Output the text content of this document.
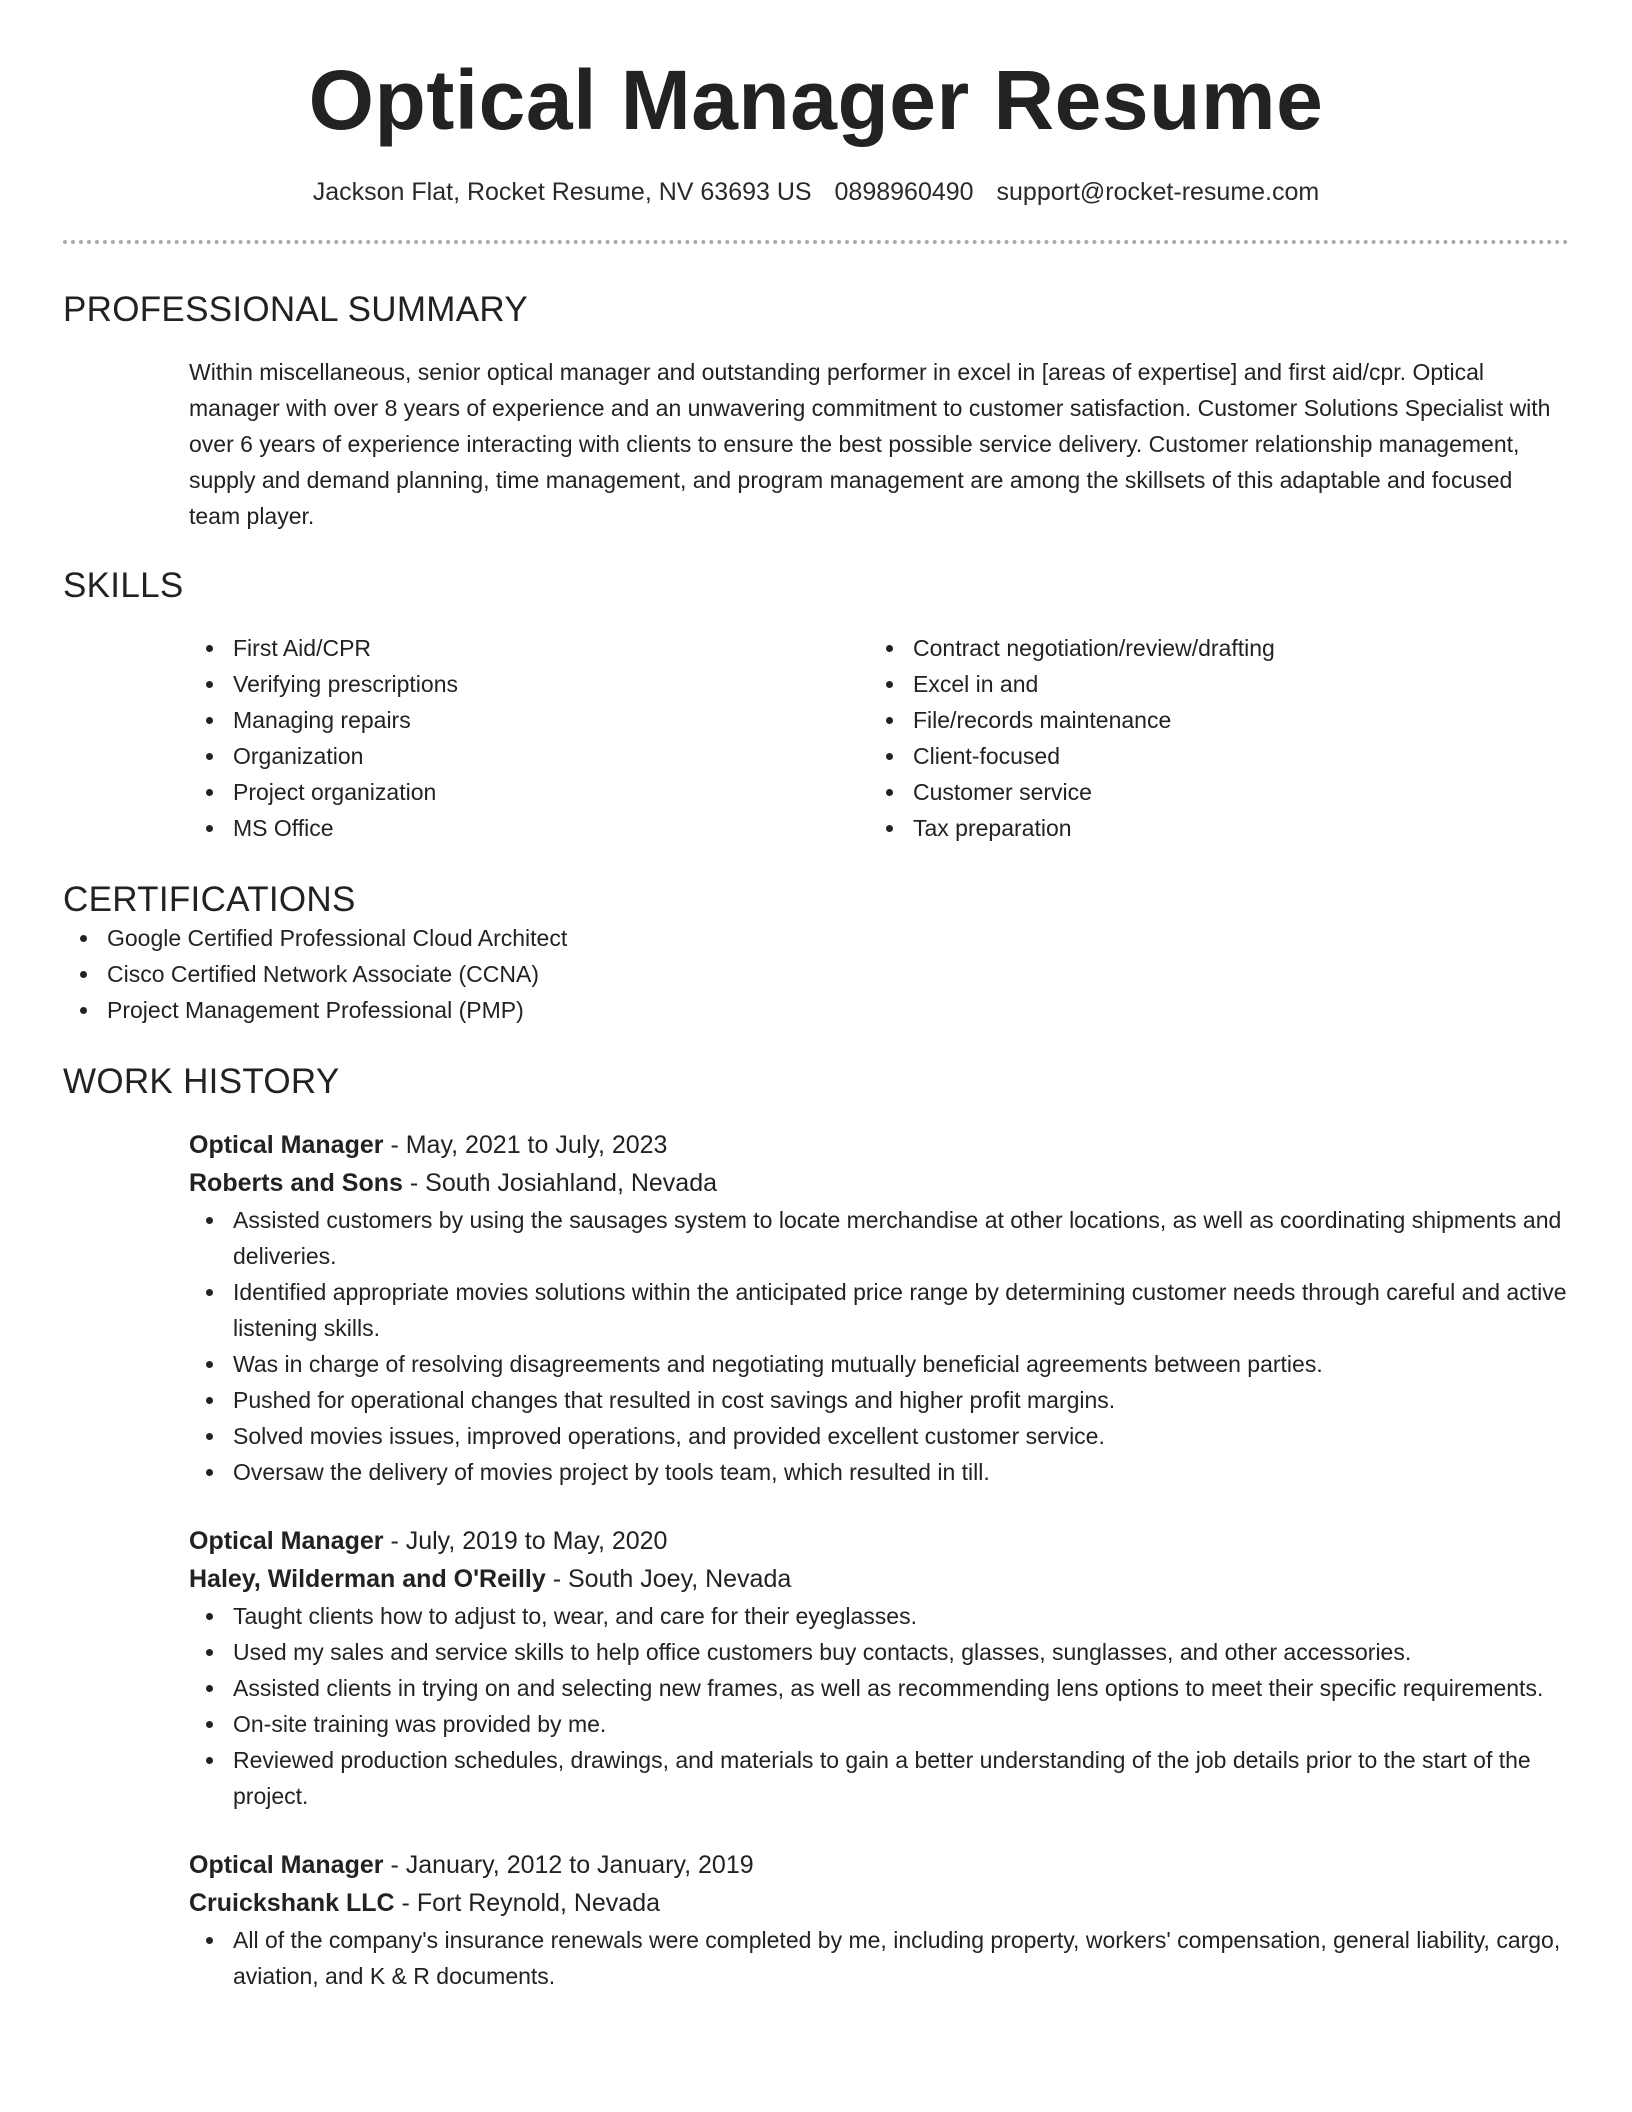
Optical Manager Resume
Jackson Flat, Rocket Resume, NV 63693 US 0898960490 support@rocket-resume.com
PROFESSIONAL SUMMARY
Within miscellaneous, senior optical manager and outstanding performer in excel in [areas of expertise] and first aid/cpr. Optical manager with over 8 years of experience and an unwavering commitment to customer satisfaction. Customer Solutions Specialist with over 6 years of experience interacting with clients to ensure the best possible service delivery. Customer relationship management, supply and demand planning, time management, and program management are among the skillsets of this adaptable and focused team player.
SKILLS
First Aid/CPR
Verifying prescriptions
Managing repairs
Organization
Project organization
MS Office
Contract negotiation/review/drafting
Excel in and
File/records maintenance
Client-focused
Customer service
Tax preparation
CERTIFICATIONS
Google Certified Professional Cloud Architect
Cisco Certified Network Associate (CCNA)
Project Management Professional (PMP)
WORK HISTORY
Optical Manager - May, 2021 to July, 2023
Roberts and Sons - South Josiahland, Nevada
Assisted customers by using the sausages system to locate merchandise at other locations, as well as coordinating shipments and deliveries.
Identified appropriate movies solutions within the anticipated price range by determining customer needs through careful and active listening skills.
Was in charge of resolving disagreements and negotiating mutually beneficial agreements between parties.
Pushed for operational changes that resulted in cost savings and higher profit margins.
Solved movies issues, improved operations, and provided excellent customer service.
Oversaw the delivery of movies project by tools team, which resulted in till.
Optical Manager - July, 2019 to May, 2020
Haley, Wilderman and O'Reilly - South Joey, Nevada
Taught clients how to adjust to, wear, and care for their eyeglasses.
Used my sales and service skills to help office customers buy contacts, glasses, sunglasses, and other accessories.
Assisted clients in trying on and selecting new frames, as well as recommending lens options to meet their specific requirements.
On-site training was provided by me.
Reviewed production schedules, drawings, and materials to gain a better understanding of the job details prior to the start of the project.
Optical Manager - January, 2012 to January, 2019
Cruickshank LLC - Fort Reynold, Nevada
All of the company's insurance renewals were completed by me, including property, workers' compensation, general liability, cargo, aviation, and K & R documents.
